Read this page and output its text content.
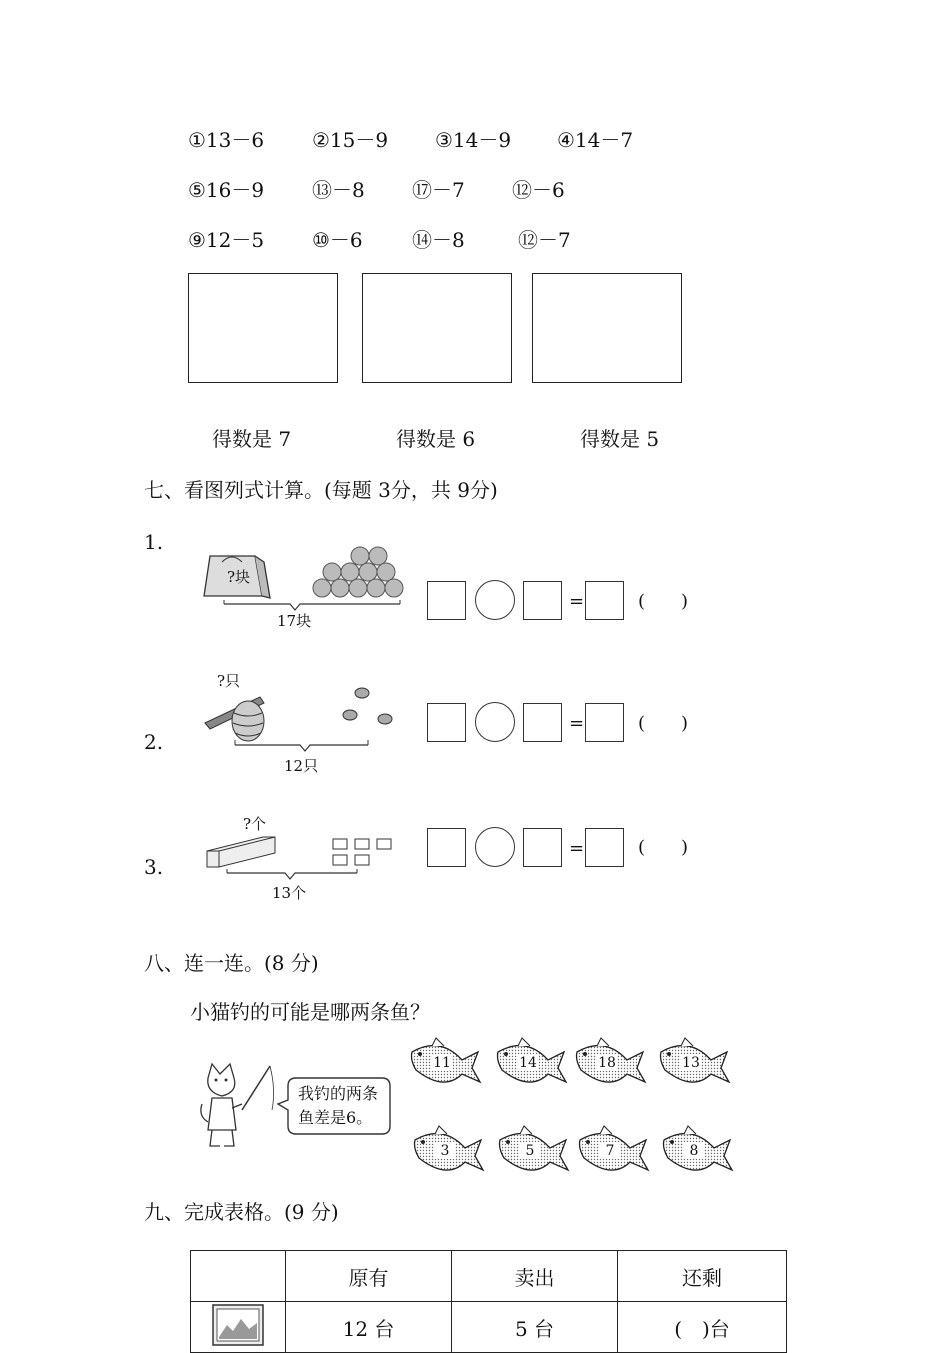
①13－6 ②15－9 ③14－9 ④14－7
⑤16－9 ⑬－8 ⑰－7 ⑫－6
⑨12－5 ⑩－6 ⑭－8	⑫－7
得数是 7	得数是 6	得数是 5
七、看图列式计算。(每题 3分，共 9分)
1.
?块
17块
=	(　　)
2.
?只
12只
=	(　　)
3.
?个
13个
=	(　　)
八、连一连。(8 分)
小猫钓的可能是哪两条鱼？
我钓的两条
鱼差是6。
11	14	18	13
3	5	7	8
九、完成表格。(9 分)
	原有	卖出	还剩
	12 台	5 台	(　)台
